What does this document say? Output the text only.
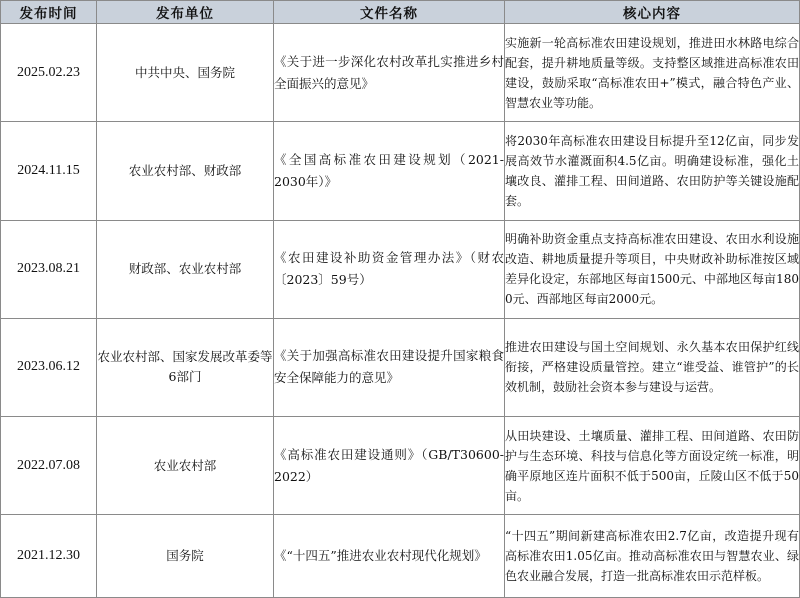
发布时间	发布单位	文件名称	核心内容
2025.02.23	中共中央、国务院	《关于进一步深化农村改革扎实推进乡村全面振兴的意见》	实施新一轮高标准农田建设规划，推进田水林路电综合配套，提升耕地质量等级。支持整区域推进高标准农田建设，鼓励采取“高标准农田+”模式，融合特色产业、智慧农业等功能。
2024.11.15	农业农村部、财政部	《全国高标准农田建设规划（2021-2030年）》	将2030年高标准农田建设目标提升至12亿亩，同步发展高效节水灌溉面积4.5亿亩。明确建设标准，强化土壤改良、灌排工程、田间道路、农田防护等关键设施配套。
2023.08.21	财政部、农业农村部	《农田建设补助资金管理办法》（财农〔2023〕59号）	明确补助资金重点支持高标准农田建设、农田水利设施改造、耕地质量提升等项目，中央财政补助标准按区域差异化设定，东部地区每亩1500元、中部地区每亩1800元、西部地区每亩2000元。
2023.06.12	农业农村部、国家发展改革委等6部门	《关于加强高标准农田建设提升国家粮食安全保障能力的意见》	推进农田建设与国土空间规划、永久基本农田保护红线衔接，严格建设质量管控。建立“谁受益、谁管护”的长效机制，鼓励社会资本参与建设与运营。
2022.07.08	农业农村部	《高标准农田建设通则》（GB/T30600-2022）	从田块建设、土壤质量、灌排工程、田间道路、农田防护与生态环境、科技与信息化等方面设定统一标准，明确平原地区连片面积不低于500亩，丘陵山区不低于50亩。
2021.12.30	国务院	《“十四五”推进农业农村现代化规划》	“十四五”期间新建高标准农田2.7亿亩，改造提升现有高标准农田1.05亿亩。推动高标准农田与智慧农业、绿色农业融合发展，打造一批高标准农田示范样板。
